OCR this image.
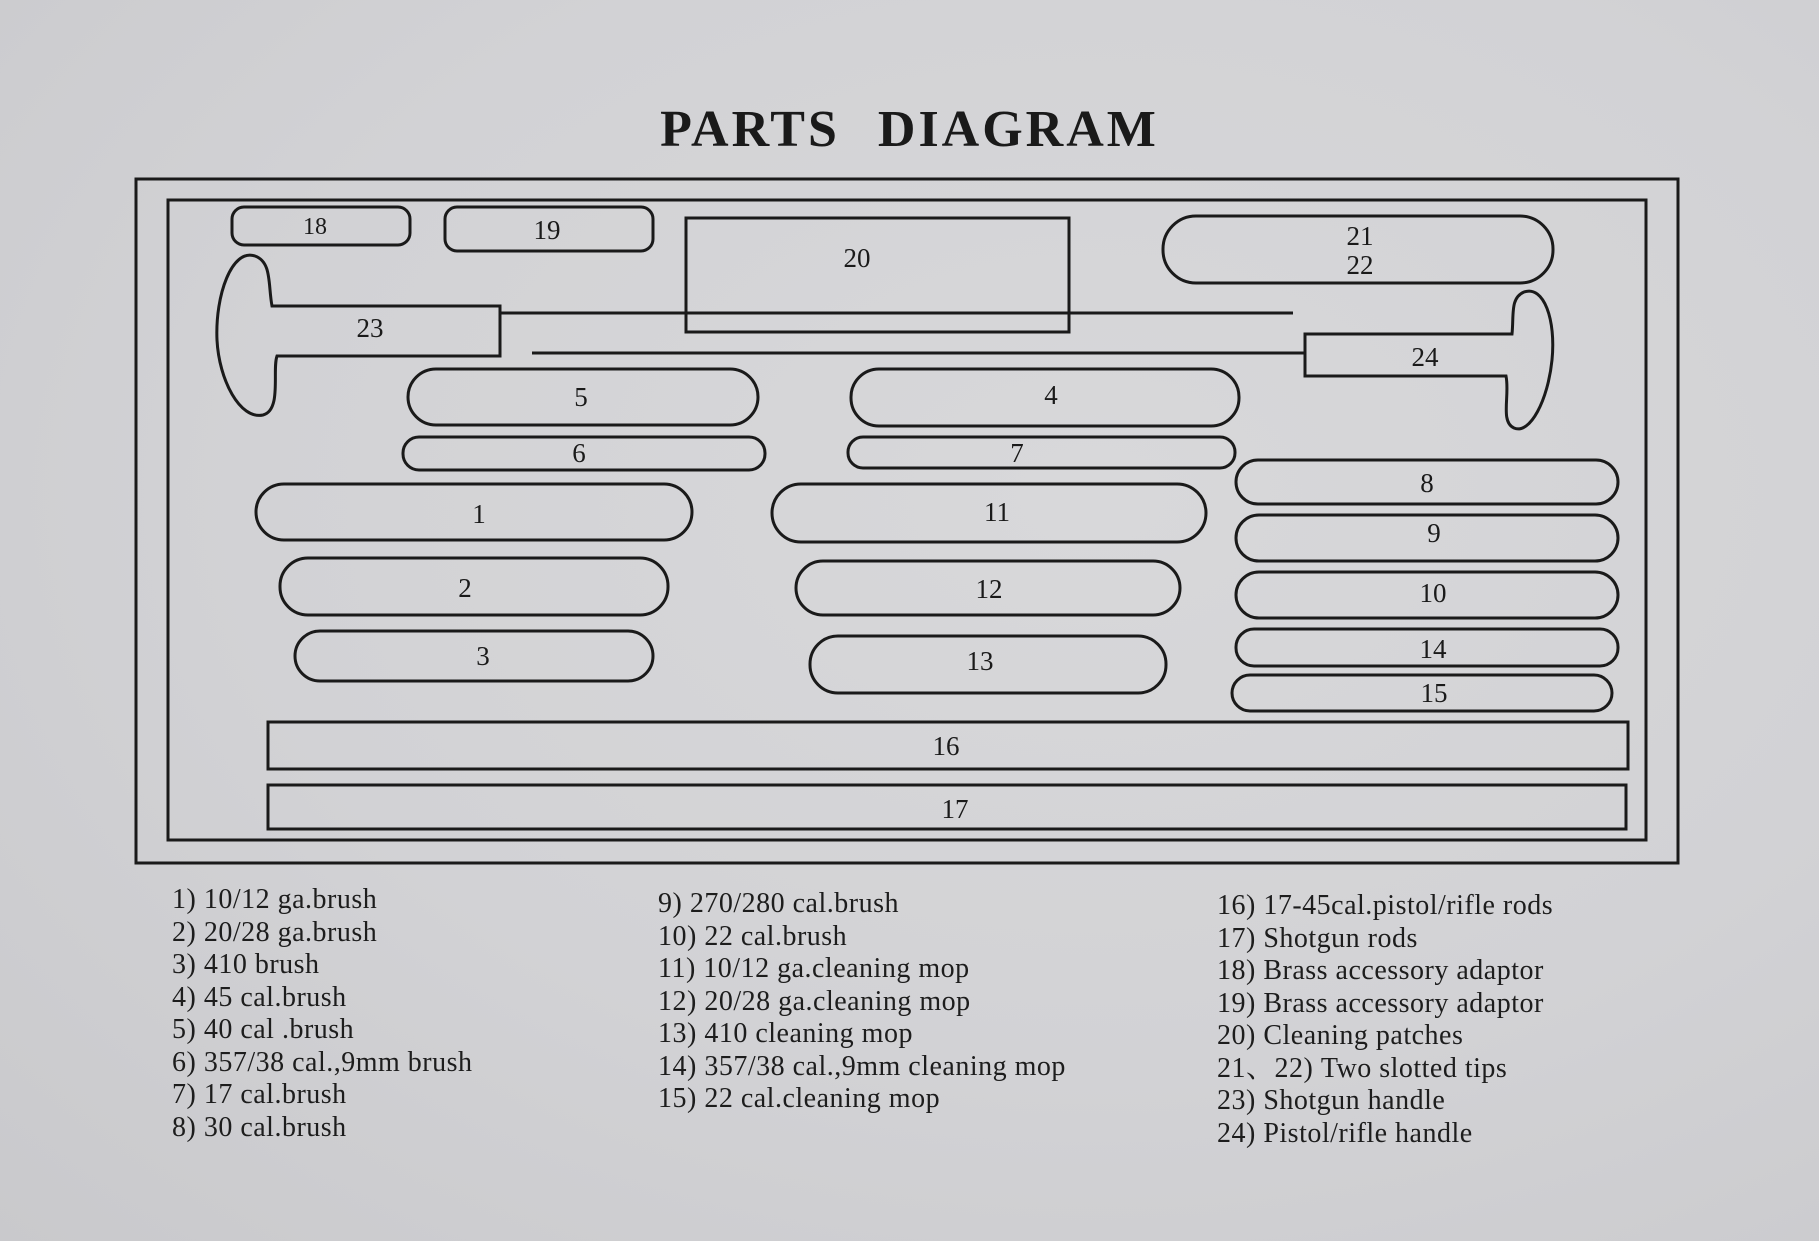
PARTS DIAGRAM
18	19
20
21
22
23
24
5	4
6	7
8
1	11
9
2	12	10
3	13	14
15
16
17
1) 10/12 ga.brush
2) 20/28 ga.brush
3) 410 brush
4) 45 cal.brush
5) 40 cal .brush
6) 357/38 cal.,9mm brush
7) 17 cal.brush
8) 30 cal.brush
9) 270/280 cal.brush
10) 22 cal.brush
11) 10/12 ga.cleaning mop
12) 20/28 ga.cleaning mop
13) 410 cleaning mop
14) 357/38 cal.,9mm cleaning mop
15) 22 cal.cleaning mop
16) 17-45cal.pistol/rifle rods
17) Shotgun rods
18) Brass accessory adaptor
19) Brass accessory adaptor
20) Cleaning patches
21、22) Two slotted tips
23) Shotgun handle
24) Pistol/rifle handle
